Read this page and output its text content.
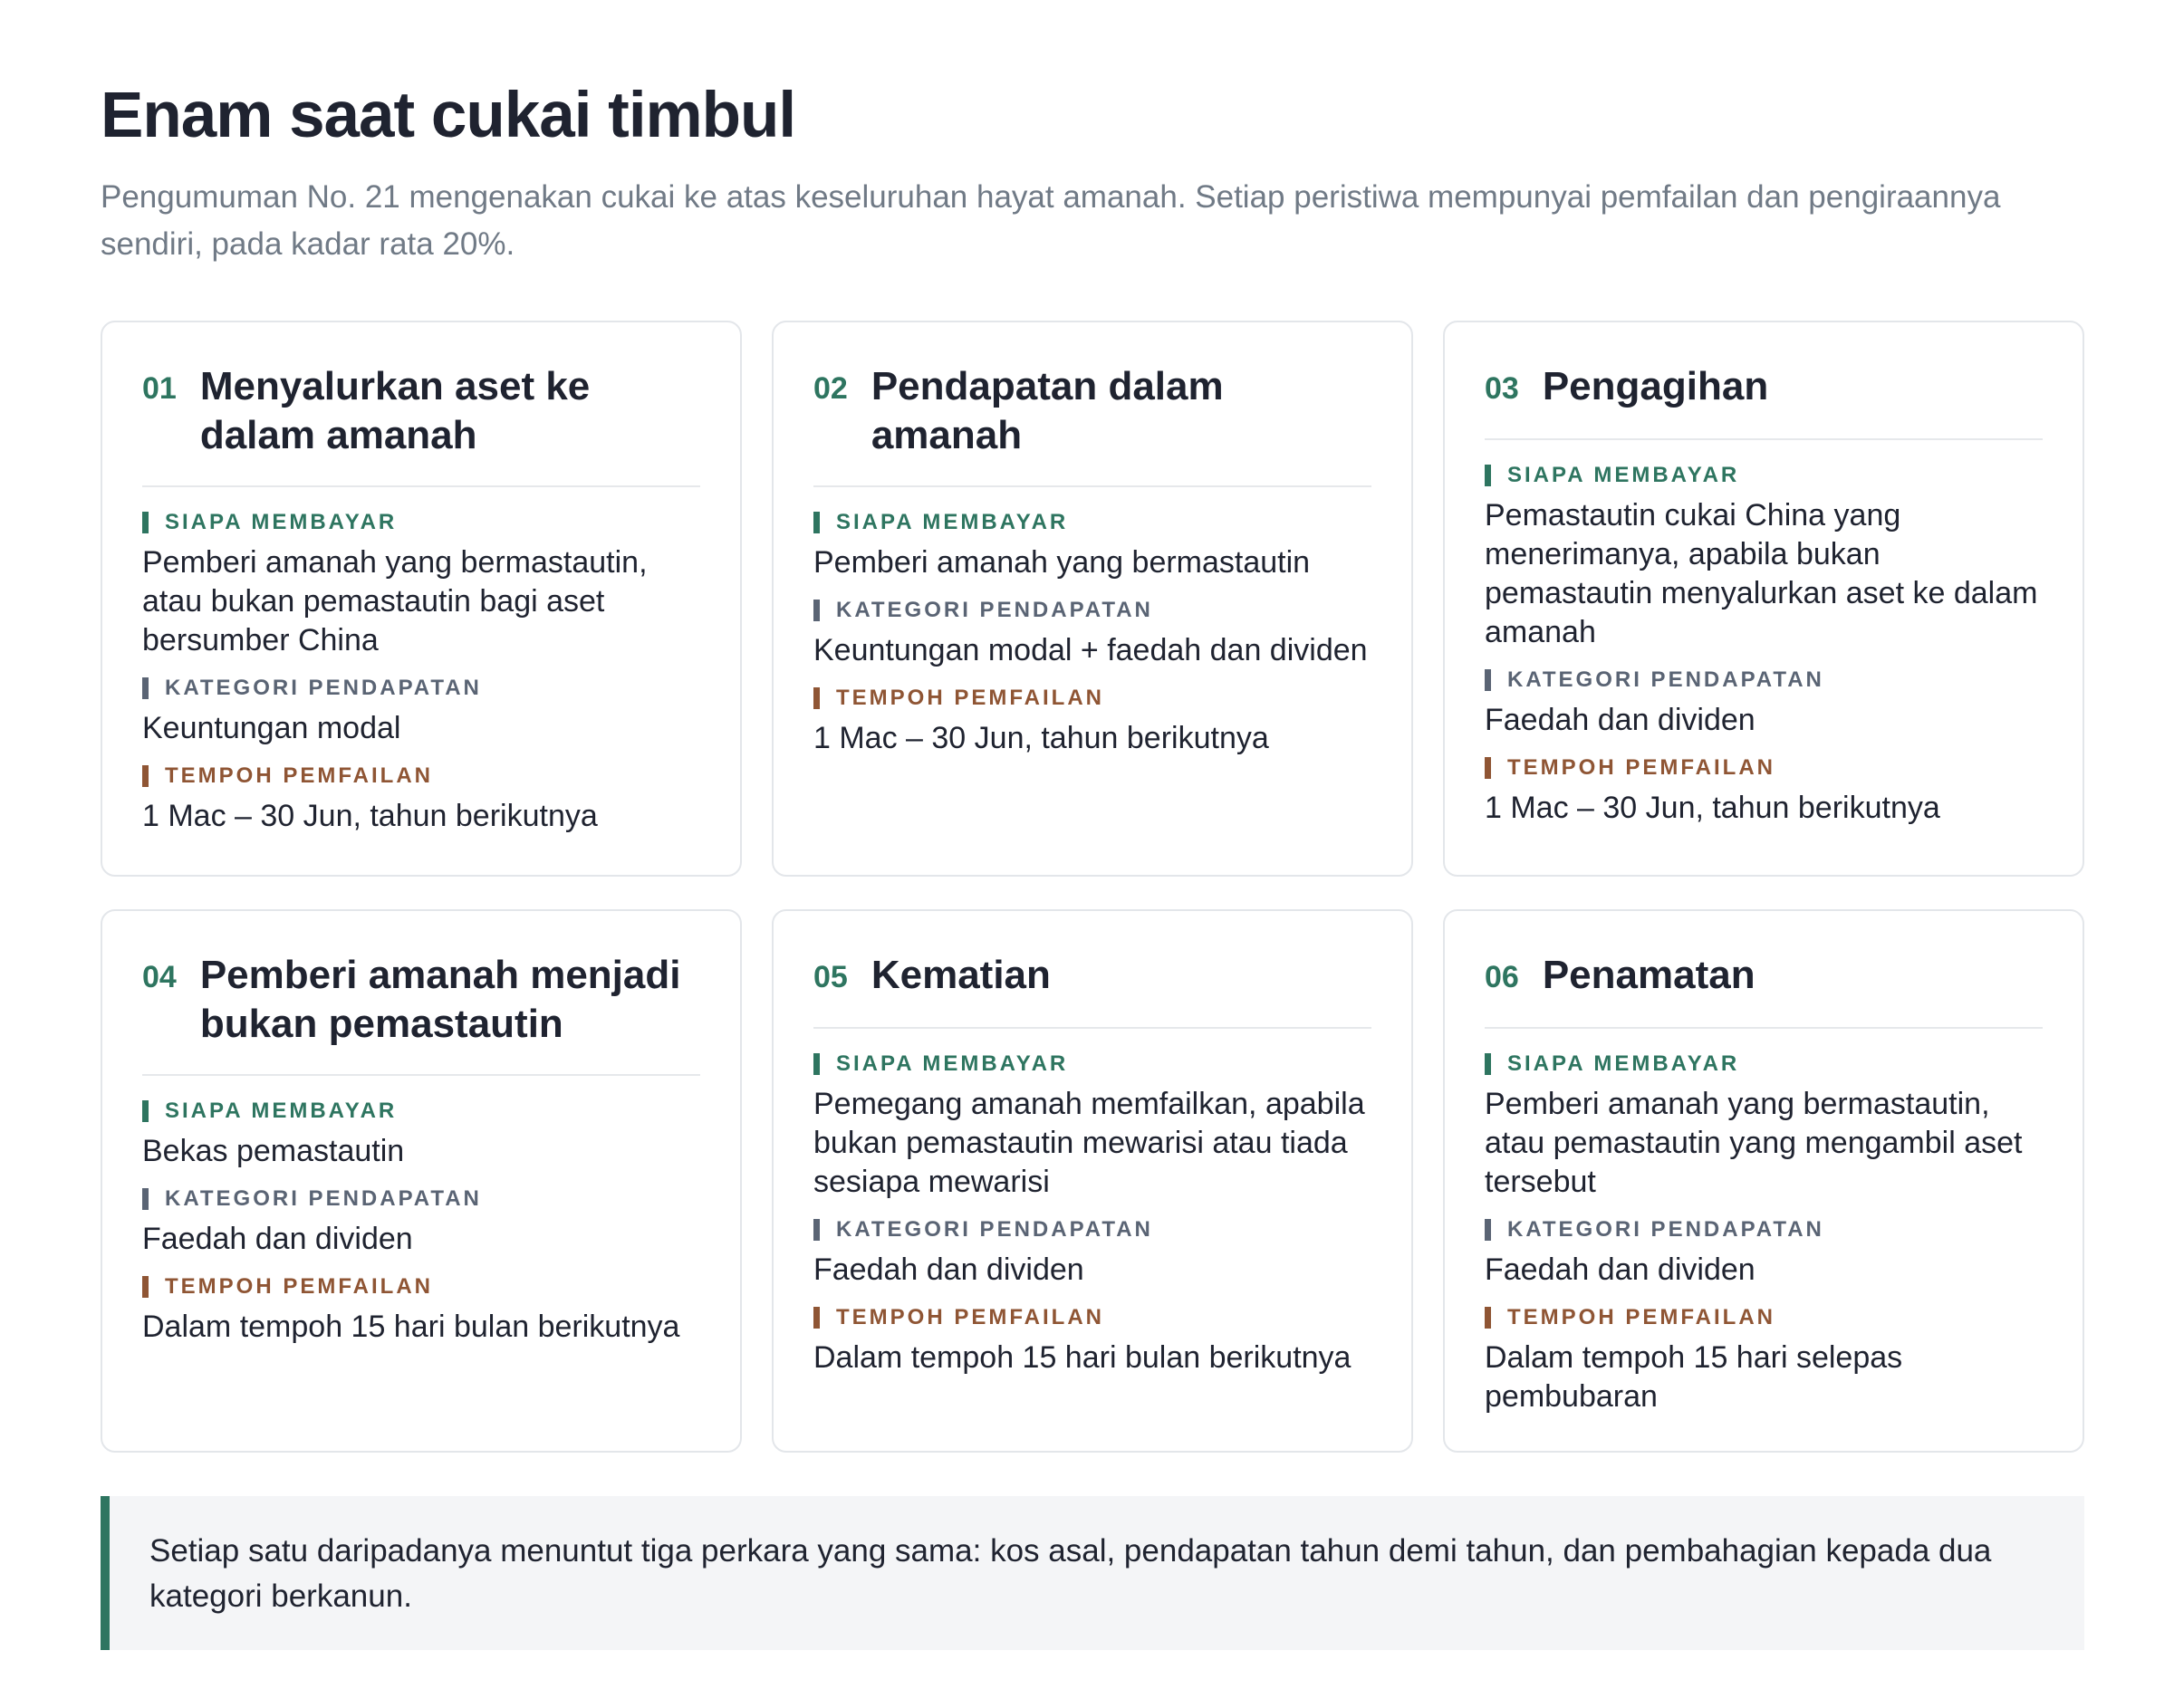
Enam saat cukai timbul

Pengumuman No. 21 mengenakan cukai ke atas keseluruhan hayat amanah. Setiap peristiwa mempunyai pemfailan dan pengiraannya sendiri, pada kadar rata 20%.

01 Menyalurkan aset ke dalam amanah
SIAPA MEMBAYAR
Pemberi amanah yang bermastautin, atau bukan pemastautin bagi aset bersumber China
KATEGORI PENDAPATAN
Keuntungan modal
TEMPOH PEMFAILAN
1 Mac – 30 Jun, tahun berikutnya
02 Pendapatan dalam amanah
SIAPA MEMBAYAR
Pemberi amanah yang bermastautin
KATEGORI PENDAPATAN
Keuntungan modal + faedah dan dividen
TEMPOH PEMFAILAN
1 Mac – 30 Jun, tahun berikutnya
03 Pengagihan
SIAPA MEMBAYAR
Pemastautin cukai China yang menerimanya, apabila bukan pemastautin menyalurkan aset ke dalam amanah
KATEGORI PENDAPATAN
Faedah dan dividen
TEMPOH PEMFAILAN
1 Mac – 30 Jun, tahun berikutnya
04 Pemberi amanah menjadi bukan pemastautin
SIAPA MEMBAYAR
Bekas pemastautin
KATEGORI PENDAPATAN
Faedah dan dividen
TEMPOH PEMFAILAN
Dalam tempoh 15 hari bulan berikutnya
05 Kematian
SIAPA MEMBAYAR
Pemegang amanah memfailkan, apabila bukan pemastautin mewarisi atau tiada sesiapa mewarisi
KATEGORI PENDAPATAN
Faedah dan dividen
TEMPOH PEMFAILAN
Dalam tempoh 15 hari bulan berikutnya
06 Penamatan
SIAPA MEMBAYAR
Pemberi amanah yang bermastautin, atau pemastautin yang mengambil aset tersebut
KATEGORI PENDAPATAN
Faedah dan dividen
TEMPOH PEMFAILAN
Dalam tempoh 15 hari selepas pembubaran
Setiap satu daripadanya menuntut tiga perkara yang sama: kos asal, pendapatan tahun demi tahun, dan pembahagian kepada dua kategori berkanun.
